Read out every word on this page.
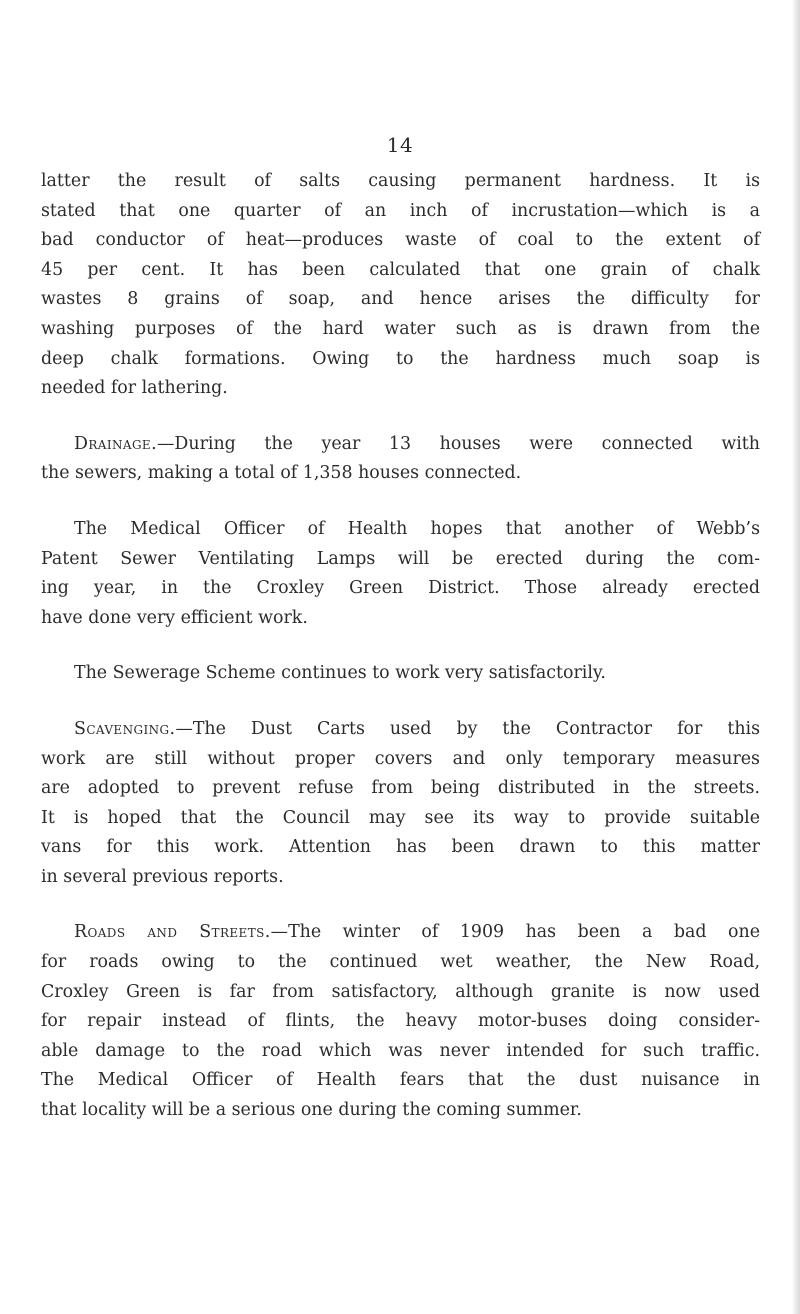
14
latter the result of salts causing permanent hardness. It is
stated that one quarter of an inch of incrustation—which is a
bad conductor of heat—produces waste of coal to the extent of
45 per cent. It has been calculated that one grain of chalk
wastes 8 grains of soap, and hence arises the difficulty for
washing purposes of the hard water such as is drawn from the
deep chalk formations. Owing to the hardness much soap is
needed for lathering.
Drainage.—During the year 13 houses were connected with
the sewers, making a total of 1,358 houses connected.
The Medical Officer of Health hopes that another of Webb’s
Patent Sewer Ventilating Lamps will be erected during the com-
ing year, in the Croxley Green District. Those already erected
have done very efficient work.
The Sewerage Scheme continues to work very satisfactorily.
Scavenging.—The Dust Carts used by the Contractor for this
work are still without proper covers and only temporary measures
are adopted to prevent refuse from being distributed in the streets.
It is hoped that the Council may see its way to provide suitable
vans for this work. Attention has been drawn to this matter
in several previous reports.
Roads and Streets.—The winter of 1909 has been a bad one
for roads owing to the continued wet weather, the New Road,
Croxley Green is far from satisfactory, although granite is now used
for repair instead of flints, the heavy motor-buses doing consider-
able damage to the road which was never intended for such traffic.
The Medical Officer of Health fears that the dust nuisance in
that locality will be a serious one during the coming summer.
